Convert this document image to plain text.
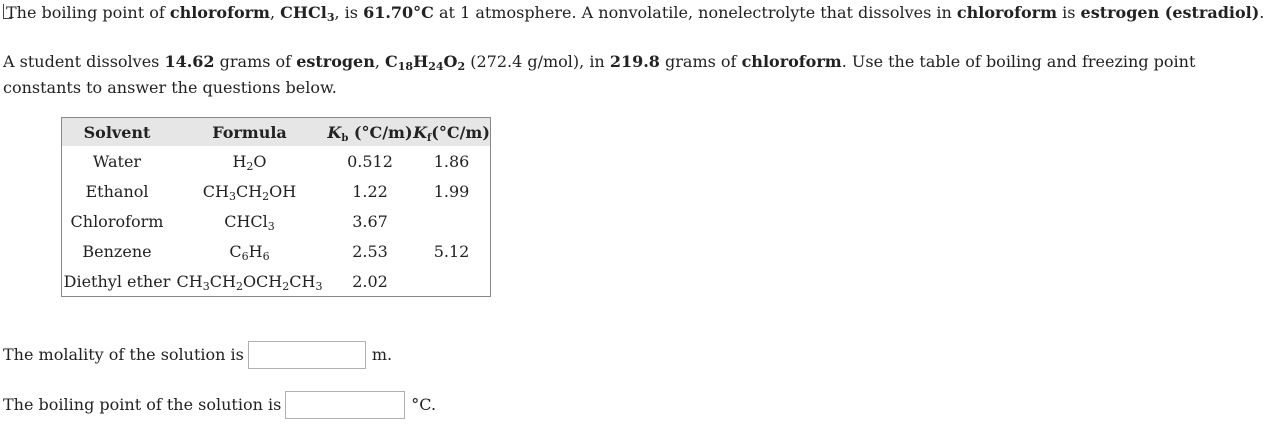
The boiling point of chloroform, CHCl$_3$, is 61.70°C at 1 atmosphere. A nonvolatile, nonelectrolyte that dissolves in chloroform is estrogen (estradiol).
A student dissolves 14.62 grams of estrogen, $C_{18}H_{24}O_2$ (272.4 g/mol), in 219.8 grams of chloroform. Use the table of boiling and freezing point constants to answer the questions below.
Solvent	Formula	$K_b$ (°C/m)	$K_f(^\circ C/m)$
Water	$H_2O$	0.512	1.86
Ethanol	$CH_3CH_2OH$	1.22	1.99
Chloroform	CHCl$_3$	3.67	
Benzene	$C_6H_6$	2.53	5.12
Diethyl ether	$CH_3CH_2OCH_2CH_3$	2.02	
The molality of the solution is	m.
The boiling point of the solution is	°C.
